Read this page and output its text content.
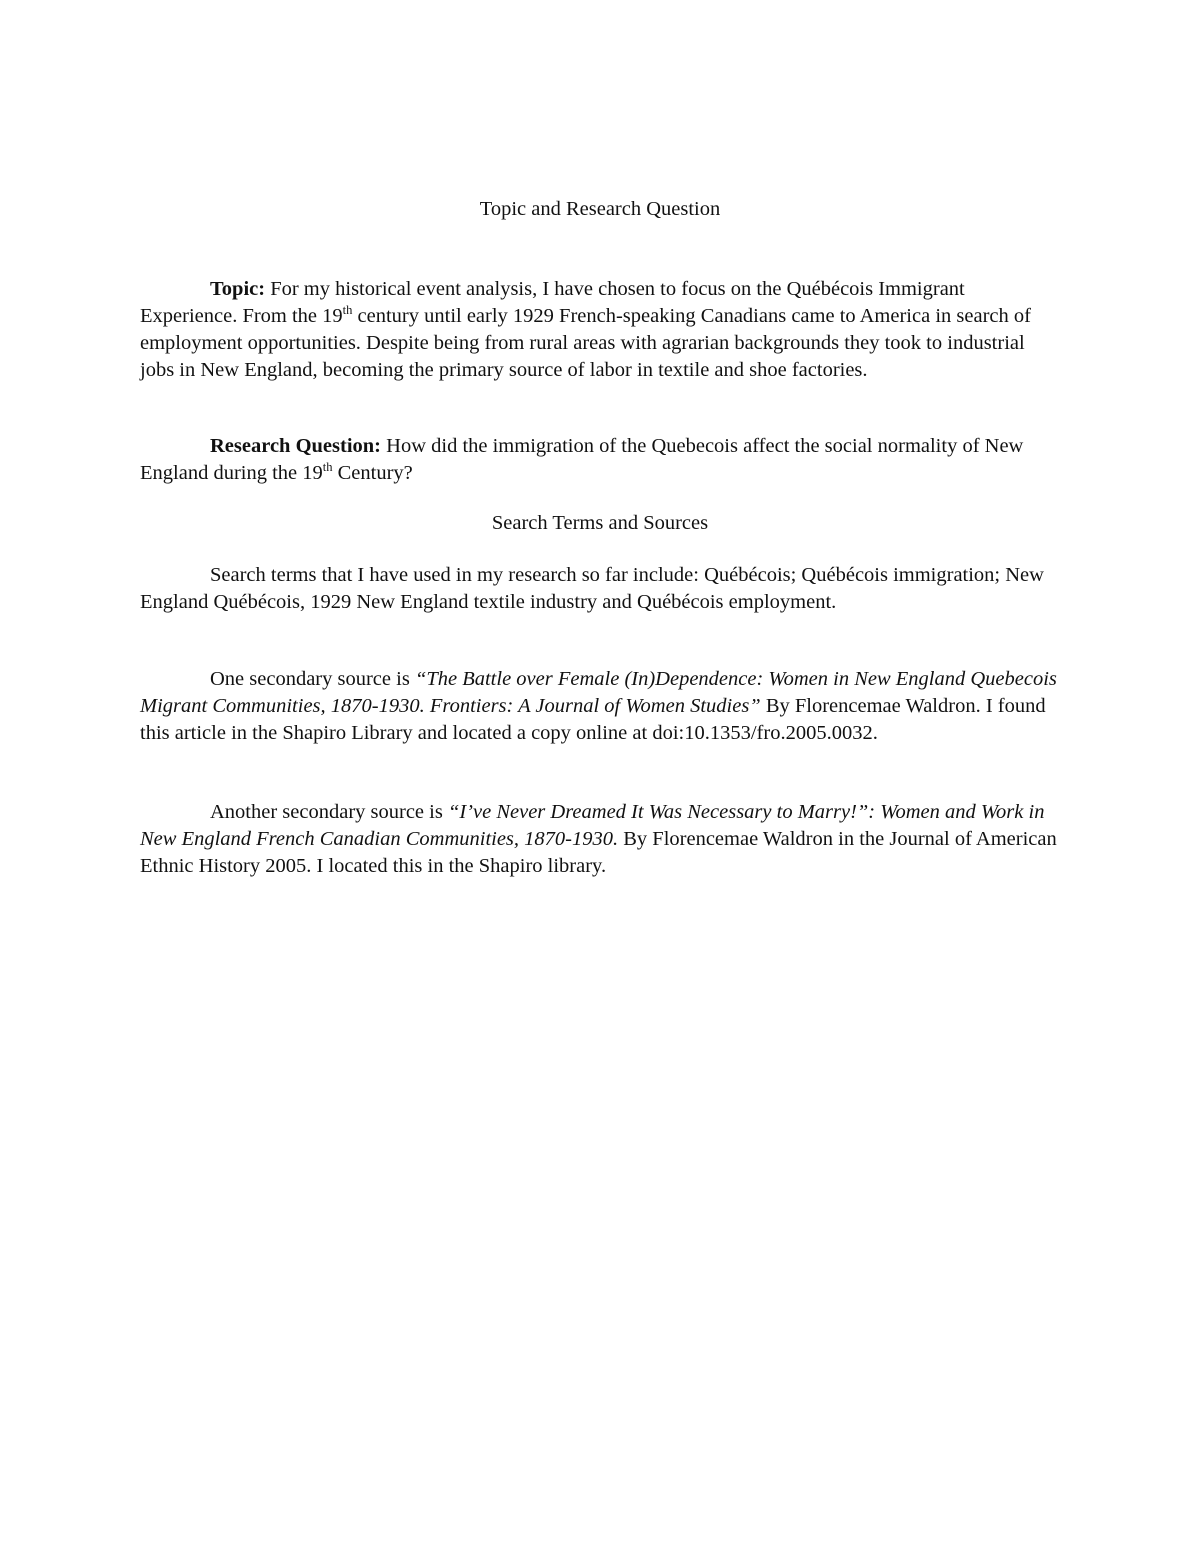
Topic and Research Question

Topic: For my historical event analysis, I have chosen to focus on the Québécois Immigrant Experience. From the 19th century until early 1929 French-speaking Canadians came to America in search of employment opportunities. Despite being from rural areas with agrarian backgrounds they took to industrial jobs in New England, becoming the primary source of labor in textile and shoe factories.

Research Question: How did the immigration of the Quebecois affect the social normality of New England during the 19th Century?

Search Terms and Sources

Search terms that I have used in my research so far include: Québécois; Québécois immigration; New England Québécois, 1929 New England textile industry and Québécois employment.

One secondary source is “The Battle over Female (In)Dependence: Women in New England Quebecois Migrant Communities, 1870-1930. Frontiers: A Journal of Women Studies” By Florencemae Waldron. I found this article in the Shapiro Library and located a copy online at doi:10.1353/fro.2005.0032.

Another secondary source is “I’ve Never Dreamed It Was Necessary to Marry!”: Women and Work in New England French Canadian Communities, 1870-1930. By Florencemae Waldron in the Journal of American Ethnic History 2005. I located this in the Shapiro library.
